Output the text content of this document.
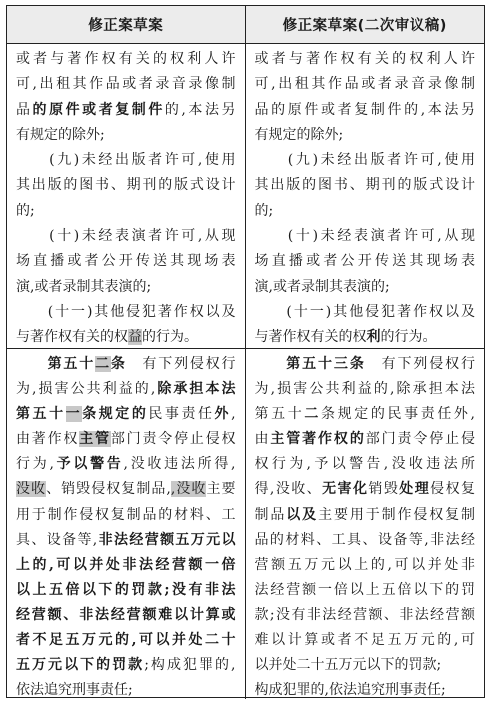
修正案草案	修正案草案(二次审议稿)
或者与著作权有关的权利人许
可,出租其作品或者录音录像制
品的原件或者复制件的,本法另
有规定的除外;
　　(九)未经出版者许可,使用
其出版的图书、期刊的版式设计
的;
　　(十)未经表演者许可,从现
场直播或者公开传送其现场表
演,或者录制其表演的;
　　(十一)其他侵犯著作权以及
与著作权有关的权益的行为。
或者与著作权有关的权利人许
可,出租其作品或者录音录像制
品的原件或者复制件的,本法另
有规定的除外;
　　(九)未经出版者许可,使用
其出版的图书、期刊的版式设计
的;
　　(十)未经表演者许可,从现
场直播或者公开传送其现场表
演,或者录制其表演的;
　　(十一)其他侵犯著作权以及
与著作权有关的权利的行为。
　　第五十二条　有下列侵权行
为,损害公共利益的,除承担本法
第五十一条规定的民事责任外,
由著作权主管部门责令停止侵权
行为,予以警告,没收违法所得,
没收、销毁侵权复制品,,没收主要
用于制作侵权复制品的材料、工
具、设备等,非法经营额五万元以
上的,可以并处非法经营额一倍
以上五倍以下的罚款;没有非法
经营额、非法经营额难以计算或
者不足五万元的,可以并处二十
五万元以下的罚款;构成犯罪的,
依法追究刑事责任;
　　第五十三条　有下列侵权行
为,损害公共利益的,除承担本法
第五十二条规定的民事责任外,
由主管著作权的部门责令停止侵
权行为,予以警告,没收违法所
得,没收、无害化销毁处理侵权复
制品以及主要用于制作侵权复制
品的材料、工具、设备等,非法经
营额五万元以上的,可以并处非
法经营额一倍以上五倍以下的罚
款;没有非法经营额、非法经营额
难以计算或者不足五万元的,可
以并处二十五万元以下的罚款;
构成犯罪的,依法追究刑事责任;
